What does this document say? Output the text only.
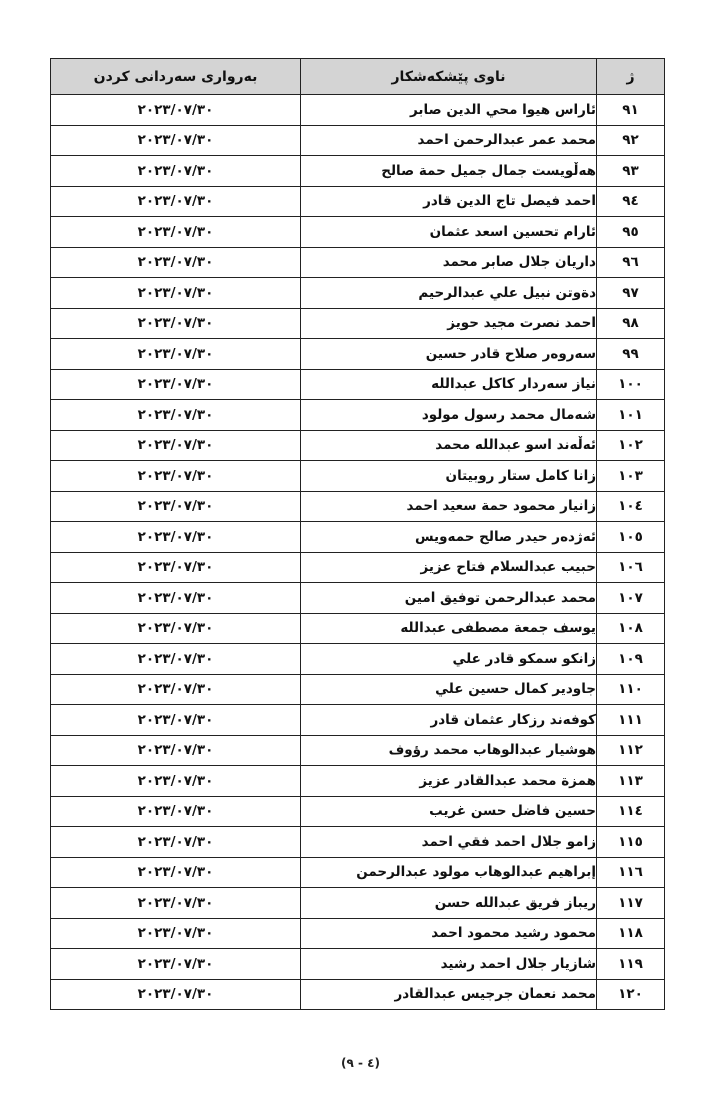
ژ	ناوی پێشکەشکار	بەرواری سەردانی کردن
٩١	ئاراس هيوا محي الدين صابر	٢٠٢٣/٠٧/٣٠
٩٢	محمد عمر عبدالرحمن احمد	٢٠٢٣/٠٧/٣٠
٩٣	هەڵويست جمال جميل حمة صالح	٢٠٢٣/٠٧/٣٠
٩٤	احمد فيصل تاج الدين قادر	٢٠٢٣/٠٧/٣٠
٩٥	ئارام تحسين اسعد عثمان	٢٠٢٣/٠٧/٣٠
٩٦	داريان جلال صابر محمد	٢٠٢٣/٠٧/٣٠
٩٧	دةوتن نبيل علي عبدالرحيم	٢٠٢٣/٠٧/٣٠
٩٨	احمد نصرت مجيد حويز	٢٠٢٣/٠٧/٣٠
٩٩	سەروەر صلاح قادر حسين	٢٠٢٣/٠٧/٣٠
١٠٠	نياز سەردار كاكل عبدالله	٢٠٢٣/٠٧/٣٠
١٠١	شەمال محمد رسول مولود	٢٠٢٣/٠٧/٣٠
١٠٢	ئەڵەند اسو عبدالله محمد	٢٠٢٣/٠٧/٣٠
١٠٣	زانا كامل ستار روبيتان	٢٠٢٣/٠٧/٣٠
١٠٤	زانيار محمود حمة سعيد احمد	٢٠٢٣/٠٧/٣٠
١٠٥	ئەژدەر حيدر صالح حمەويس	٢٠٢٣/٠٧/٣٠
١٠٦	حبيب عبدالسلام فتاح عزيز	٢٠٢٣/٠٧/٣٠
١٠٧	محمد عبدالرحمن توفيق امين	٢٠٢٣/٠٧/٣٠
١٠٨	يوسف جمعة مصطفى عبدالله	٢٠٢٣/٠٧/٣٠
١٠٩	زانكو سمكو قادر علي	٢٠٢٣/٠٧/٣٠
١١٠	جاودير كمال حسين علي	٢٠٢٣/٠٧/٣٠
١١١	كوفەند رزكار عثمان قادر	٢٠٢٣/٠٧/٣٠
١١٢	هوشيار عبدالوهاب محمد رؤوف	٢٠٢٣/٠٧/٣٠
١١٣	همزة محمد عبدالقادر عزيز	٢٠٢٣/٠٧/٣٠
١١٤	حسين فاضل حسن غريب	٢٠٢٣/٠٧/٣٠
١١٥	زامو جلال احمد فقي احمد	٢٠٢٣/٠٧/٣٠
١١٦	إبراهيم عبدالوهاب مولود عبدالرحمن	٢٠٢٣/٠٧/٣٠
١١٧	ريباز فريق عبدالله حسن	٢٠٢٣/٠٧/٣٠
١١٨	محمود رشيد محمود احمد	٢٠٢٣/٠٧/٣٠
١١٩	شازيار جلال احمد رشيد	٢٠٢٣/٠٧/٣٠
١٢٠	محمد نعمان جرجيس عبدالقادر	٢٠٢٣/٠٧/٣٠
(٤ - ٩)
